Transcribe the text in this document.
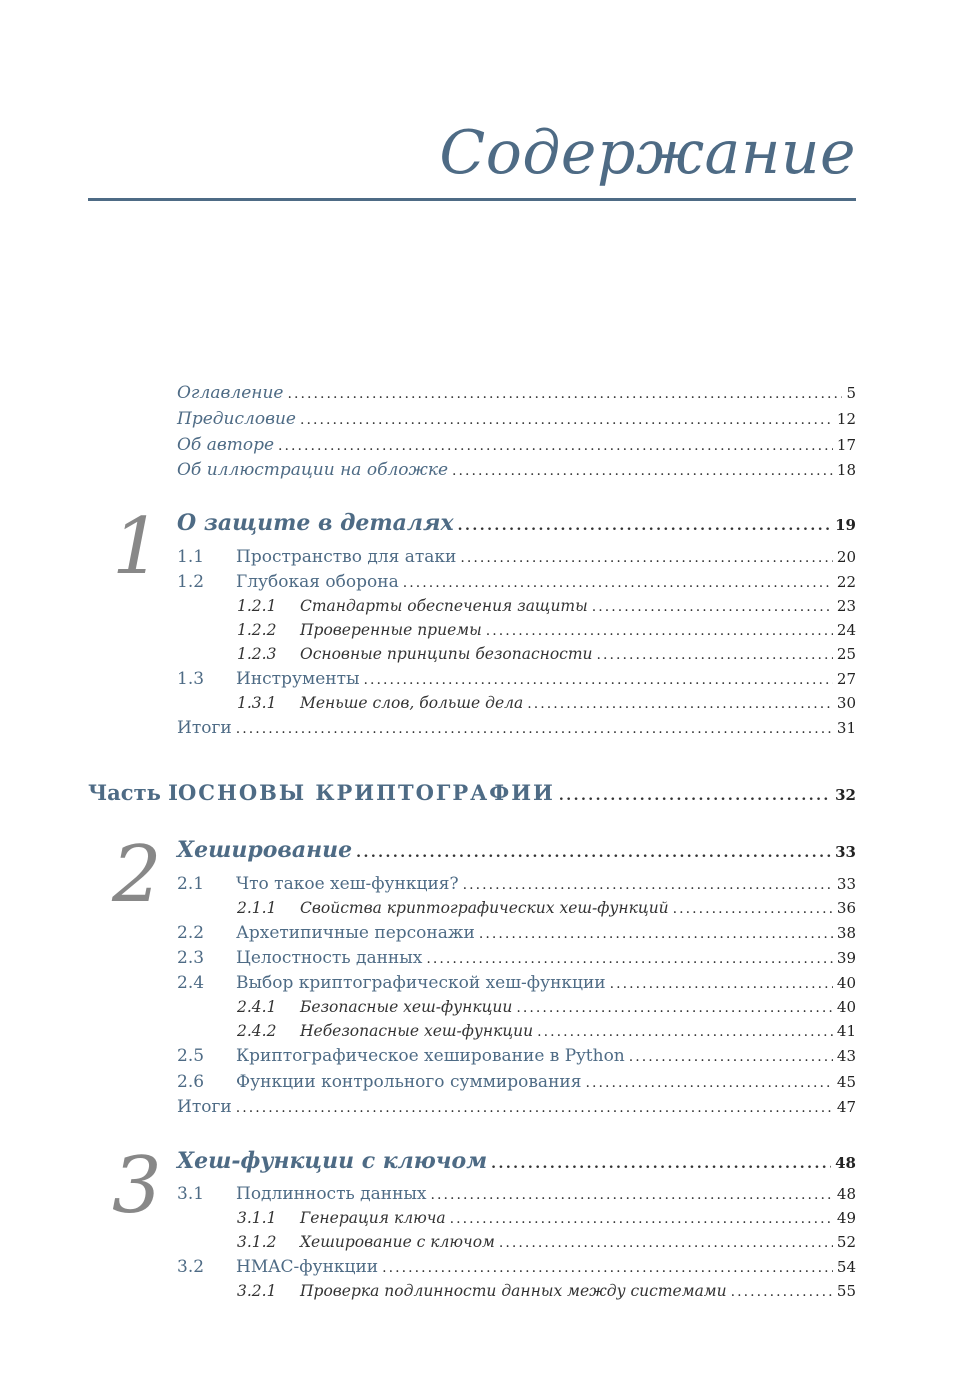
Содержание
Оглавление . . .	5
Предисловие . . .	12
Об авторе . . .	17
Об иллюстрации на обложке . . .	18
1 О защите в деталях . . .	19
1.1	Пространство для атаки . . .	20
1.2	Глубокая оборона . . .	22
1.2.1	Стандарты обеспечения защиты . . .	23
1.2.2	Проверенные приемы . . .	24
1.2.3	Основные принципы безопасности . . .	25
1.3	Инструменты . . .	27
1.3.1	Меньше слов, больше дела . . .	30
Итоги . . .	31
Часть I ОСНОВЫ КРИПТОГРАФИИ . . .	32
2 Хеширование . . .	33
2.1	Что такое хеш-функция? . . .	33
2.1.1	Свойства криптографических хеш-функций . . .	36
2.2	Архетипичные персонажи . . .	38
2.3	Целостность данных . . .	39
2.4	Выбор криптографической хеш-функции . . .	40
2.4.1	Безопасные хеш-функции . . .	40
2.4.2	Небезопасные хеш-функции . . .	41
2.5	Криптографическое хеширование в Python . . .	43
2.6	Функции контрольного суммирования . . .	45
Итоги . . .	47
3 Хеш-функции с ключом . . .	48
3.1	Подлинность данных . . .	48
3.1.1	Генерация ключа . . .	49
3.1.2	Хеширование с ключом . . .	52
3.2	HMAC-функции . . .	54
3.2.1	Проверка подлинности данных между системами . . .	55
